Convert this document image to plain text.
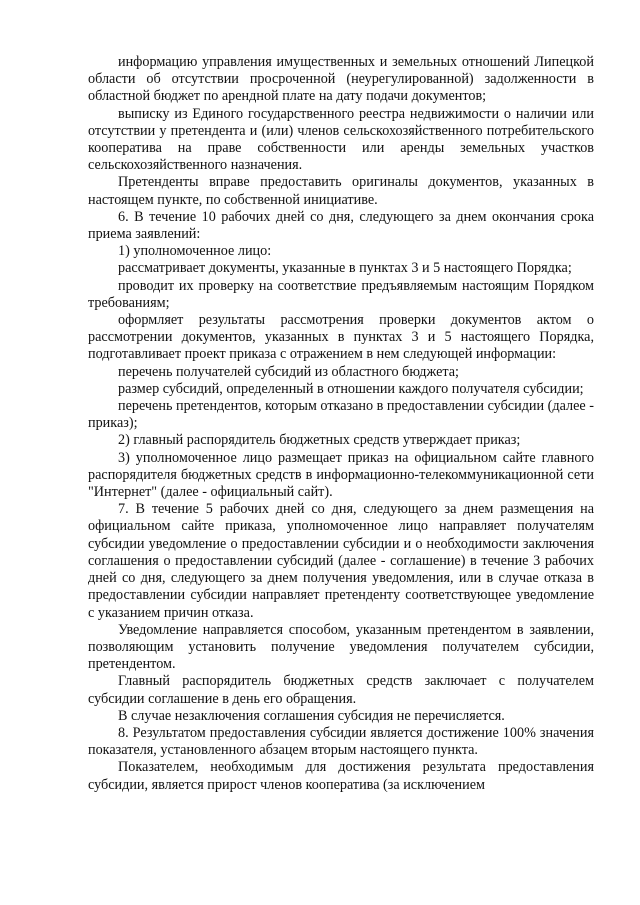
информацию управления имущественных и земельных отношений Липецкой области об отсутствии просроченной (неурегулированной) задолженности в областной бюджет по арендной плате на дату подачи документов;

выписку из Единого государственного реестра недвижимости о наличии или отсутствии у претендента и (или) членов сельскохозяйственного потребительского кооператива на праве собственности или аренды земельных участков сельскохозяйственного назначения.

Претенденты вправе предоставить оригиналы документов, указанных в настоящем пункте, по собственной инициативе.

6. В течение 10 рабочих дней со дня, следующего за днем окончания срока приема заявлений:

1) уполномоченное лицо:

рассматривает документы, указанные в пунктах 3 и 5 настоящего Порядка;

проводит их проверку на соответствие предъявляемым настоящим Порядком требованиям;

оформляет результаты рассмотрения проверки документов актом о рассмотрении документов, указанных в пунктах 3 и 5 настоящего Порядка, подготавливает проект приказа с отражением в нем следующей информации:

перечень получателей субсидий из областного бюджета;

размер субсидий, определенный в отношении каждого получателя субсидии;

перечень претендентов, которым отказано в предоставлении субсидии (далее - приказ);

2) главный распорядитель бюджетных средств утверждает приказ;

3) уполномоченное лицо размещает приказ на официальном сайте главного распорядителя бюджетных средств в информационно-телекоммуникационной сети "Интернет" (далее - официальный сайт).

7. В течение 5 рабочих дней со дня, следующего за днем размещения на официальном сайте приказа, уполномоченное лицо направляет получателям субсидии уведомление о предоставлении субсидии и о необходимости заключения соглашения о предоставлении субсидий (далее - соглашение) в течение 3 рабочих дней со дня, следующего за днем получения уведомления, или в случае отказа в предоставлении субсидии направляет претенденту соответствующее уведомление с указанием причин отказа.

Уведомление направляется способом, указанным претендентом в заявлении, позволяющим установить получение уведомления получателем субсидии, претендентом.

Главный распорядитель бюджетных средств заключает с получателем субсидии соглашение в день его обращения.

В случае незаключения соглашения субсидия не перечисляется.

8. Результатом предоставления субсидии является достижение 100% значения показателя, установленного абзацем вторым настоящего пункта.

Показателем, необходимым для достижения результата предоставления субсидии, является прирост членов кооператива (за исключением
